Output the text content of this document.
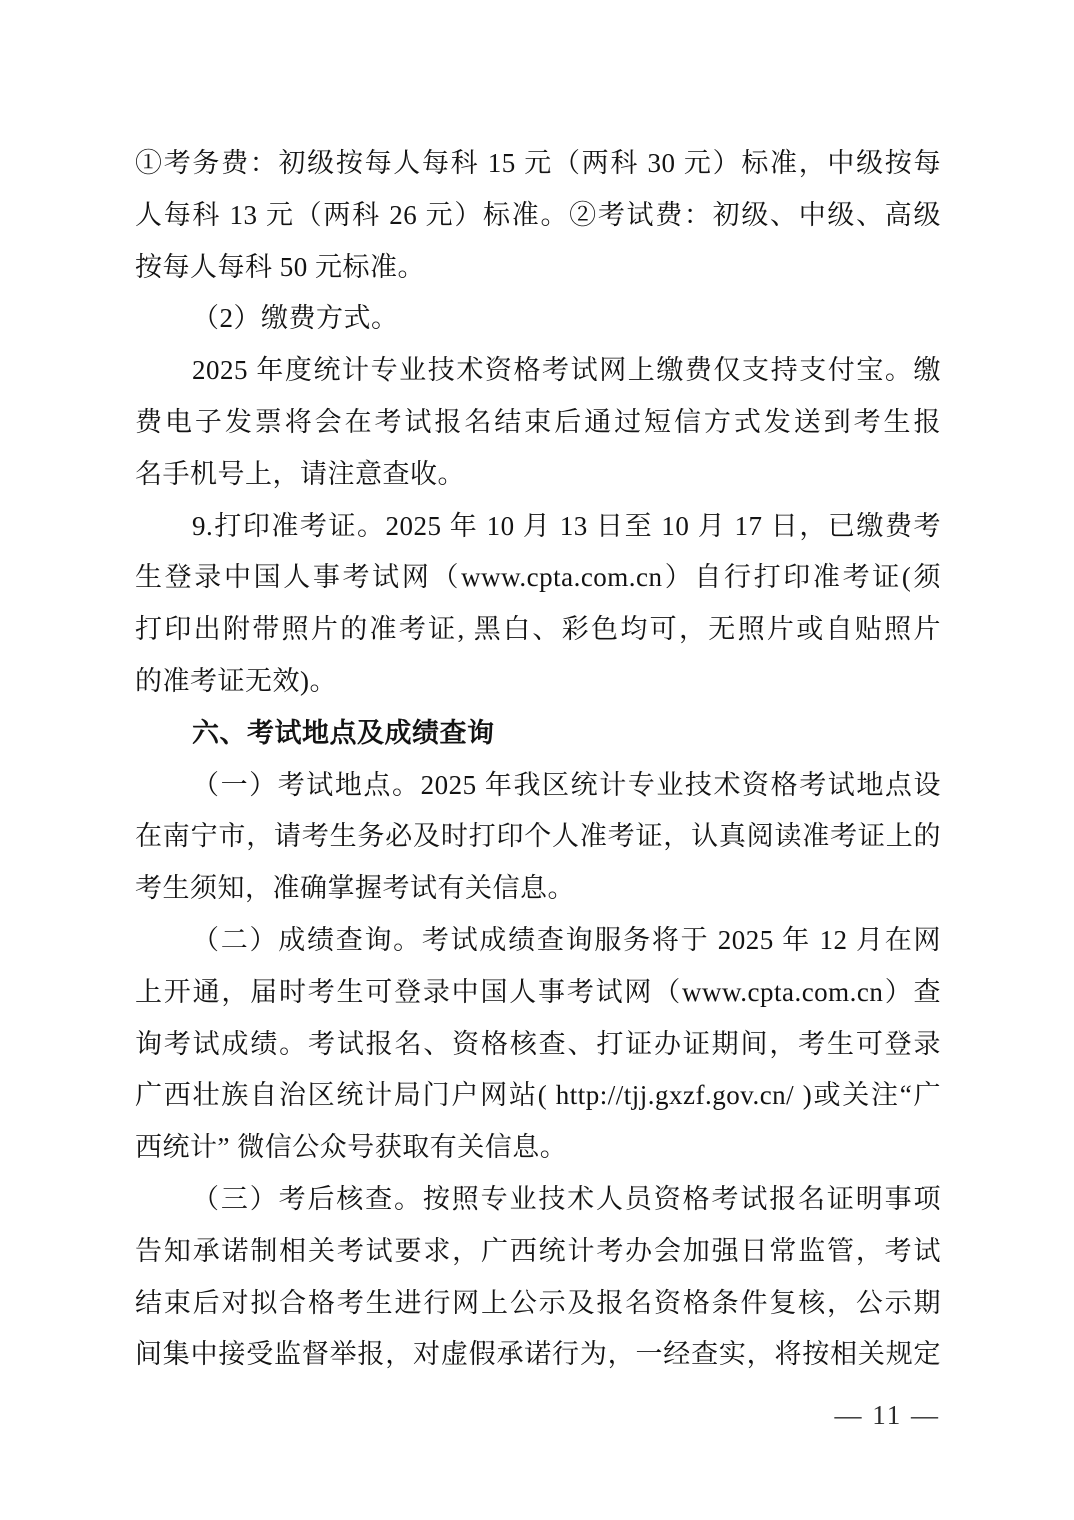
①考务费：初级按每人每科 15 元（两科 30 元）标准，中级按每
人每科 13 元（两科 26 元）标准。②考试费：初级、中级、高级
按每人每科 50 元标准。
（2）缴费方式。
2025 年度统计专业技术资格考试网上缴费仅支持支付宝。缴
费电子发票将会在考试报名结束后通过短信方式发送到考生报
名手机号上，请注意查收。
9.打印准考证。2025 年 10 月 13 日至 10 月 17 日，已缴费考
生登录中国人事考试网（www.cpta.com.cn）自行打印准考证(须
打印出附带照片的准考证, 黑白、彩色均可，无照片或自贴照片
的准考证无效)。
六、考试地点及成绩查询
（一）考试地点。2025 年我区统计专业技术资格考试地点设
在南宁市，请考生务必及时打印个人准考证，认真阅读准考证上的
考生须知，准确掌握考试有关信息。
（二）成绩查询。考试成绩查询服务将于 2025 年 12 月在网
上开通，届时考生可登录中国人事考试网（www.cpta.com.cn）查
询考试成绩。考试报名、资格核查、打证办证期间，考生可登录
广西壮族自治区统计局门户网站( http://tjj.gxzf.gov.cn/ )或关注“广
西统计” 微信公众号获取有关信息。
（三）考后核查。按照专业技术人员资格考试报名证明事项
告知承诺制相关考试要求，广西统计考办会加强日常监管，考试
结束后对拟合格考生进行网上公示及报名资格条件复核，公示期
间集中接受监督举报，对虚假承诺行为，一经查实，将按相关规定
— 11 —
